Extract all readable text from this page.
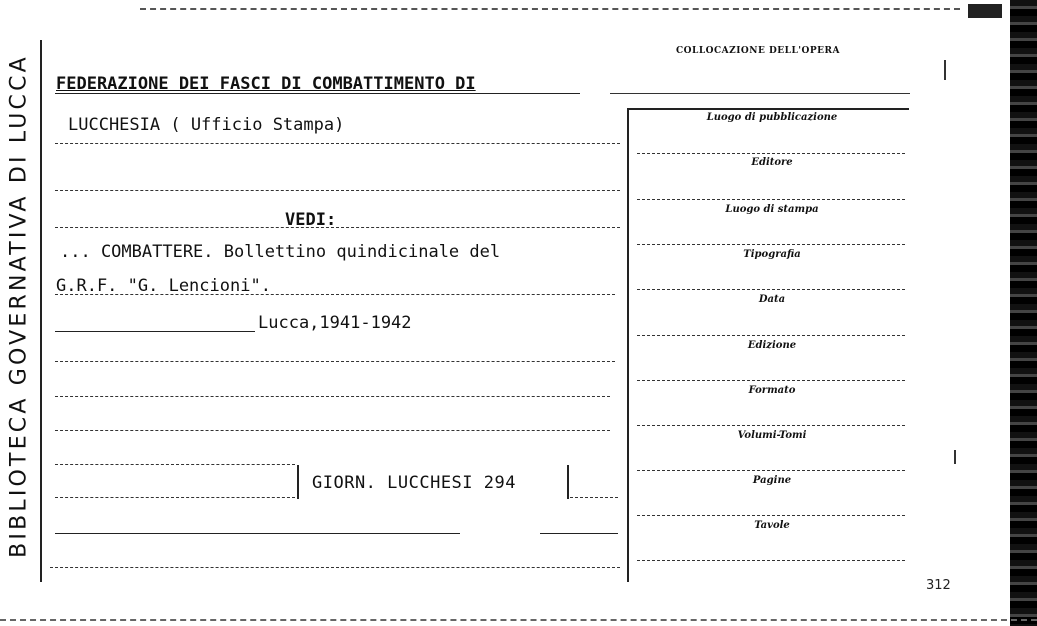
BIBLIOTECA GOVERNATIVA DI LUCCA FEDERAZIONE DEI FASCI DI COMBATTIMENTO DI
LUCCHESIA ( Ufficio Stampa)
VEDI:
... COMBATTERE. Bollettino quindicinale del
G.R.F. "G. Lencioni".
Lucca,1941-1942
GIORN. LUCCHESI 294
COLLOCAZIONE DELL'OPERA
Luogo di pubblicazione
Editore
Luogo di stampa
Tipografia
Data
Edizione
Formato
Volumi-Tomi
Pagine
Tavole
312
